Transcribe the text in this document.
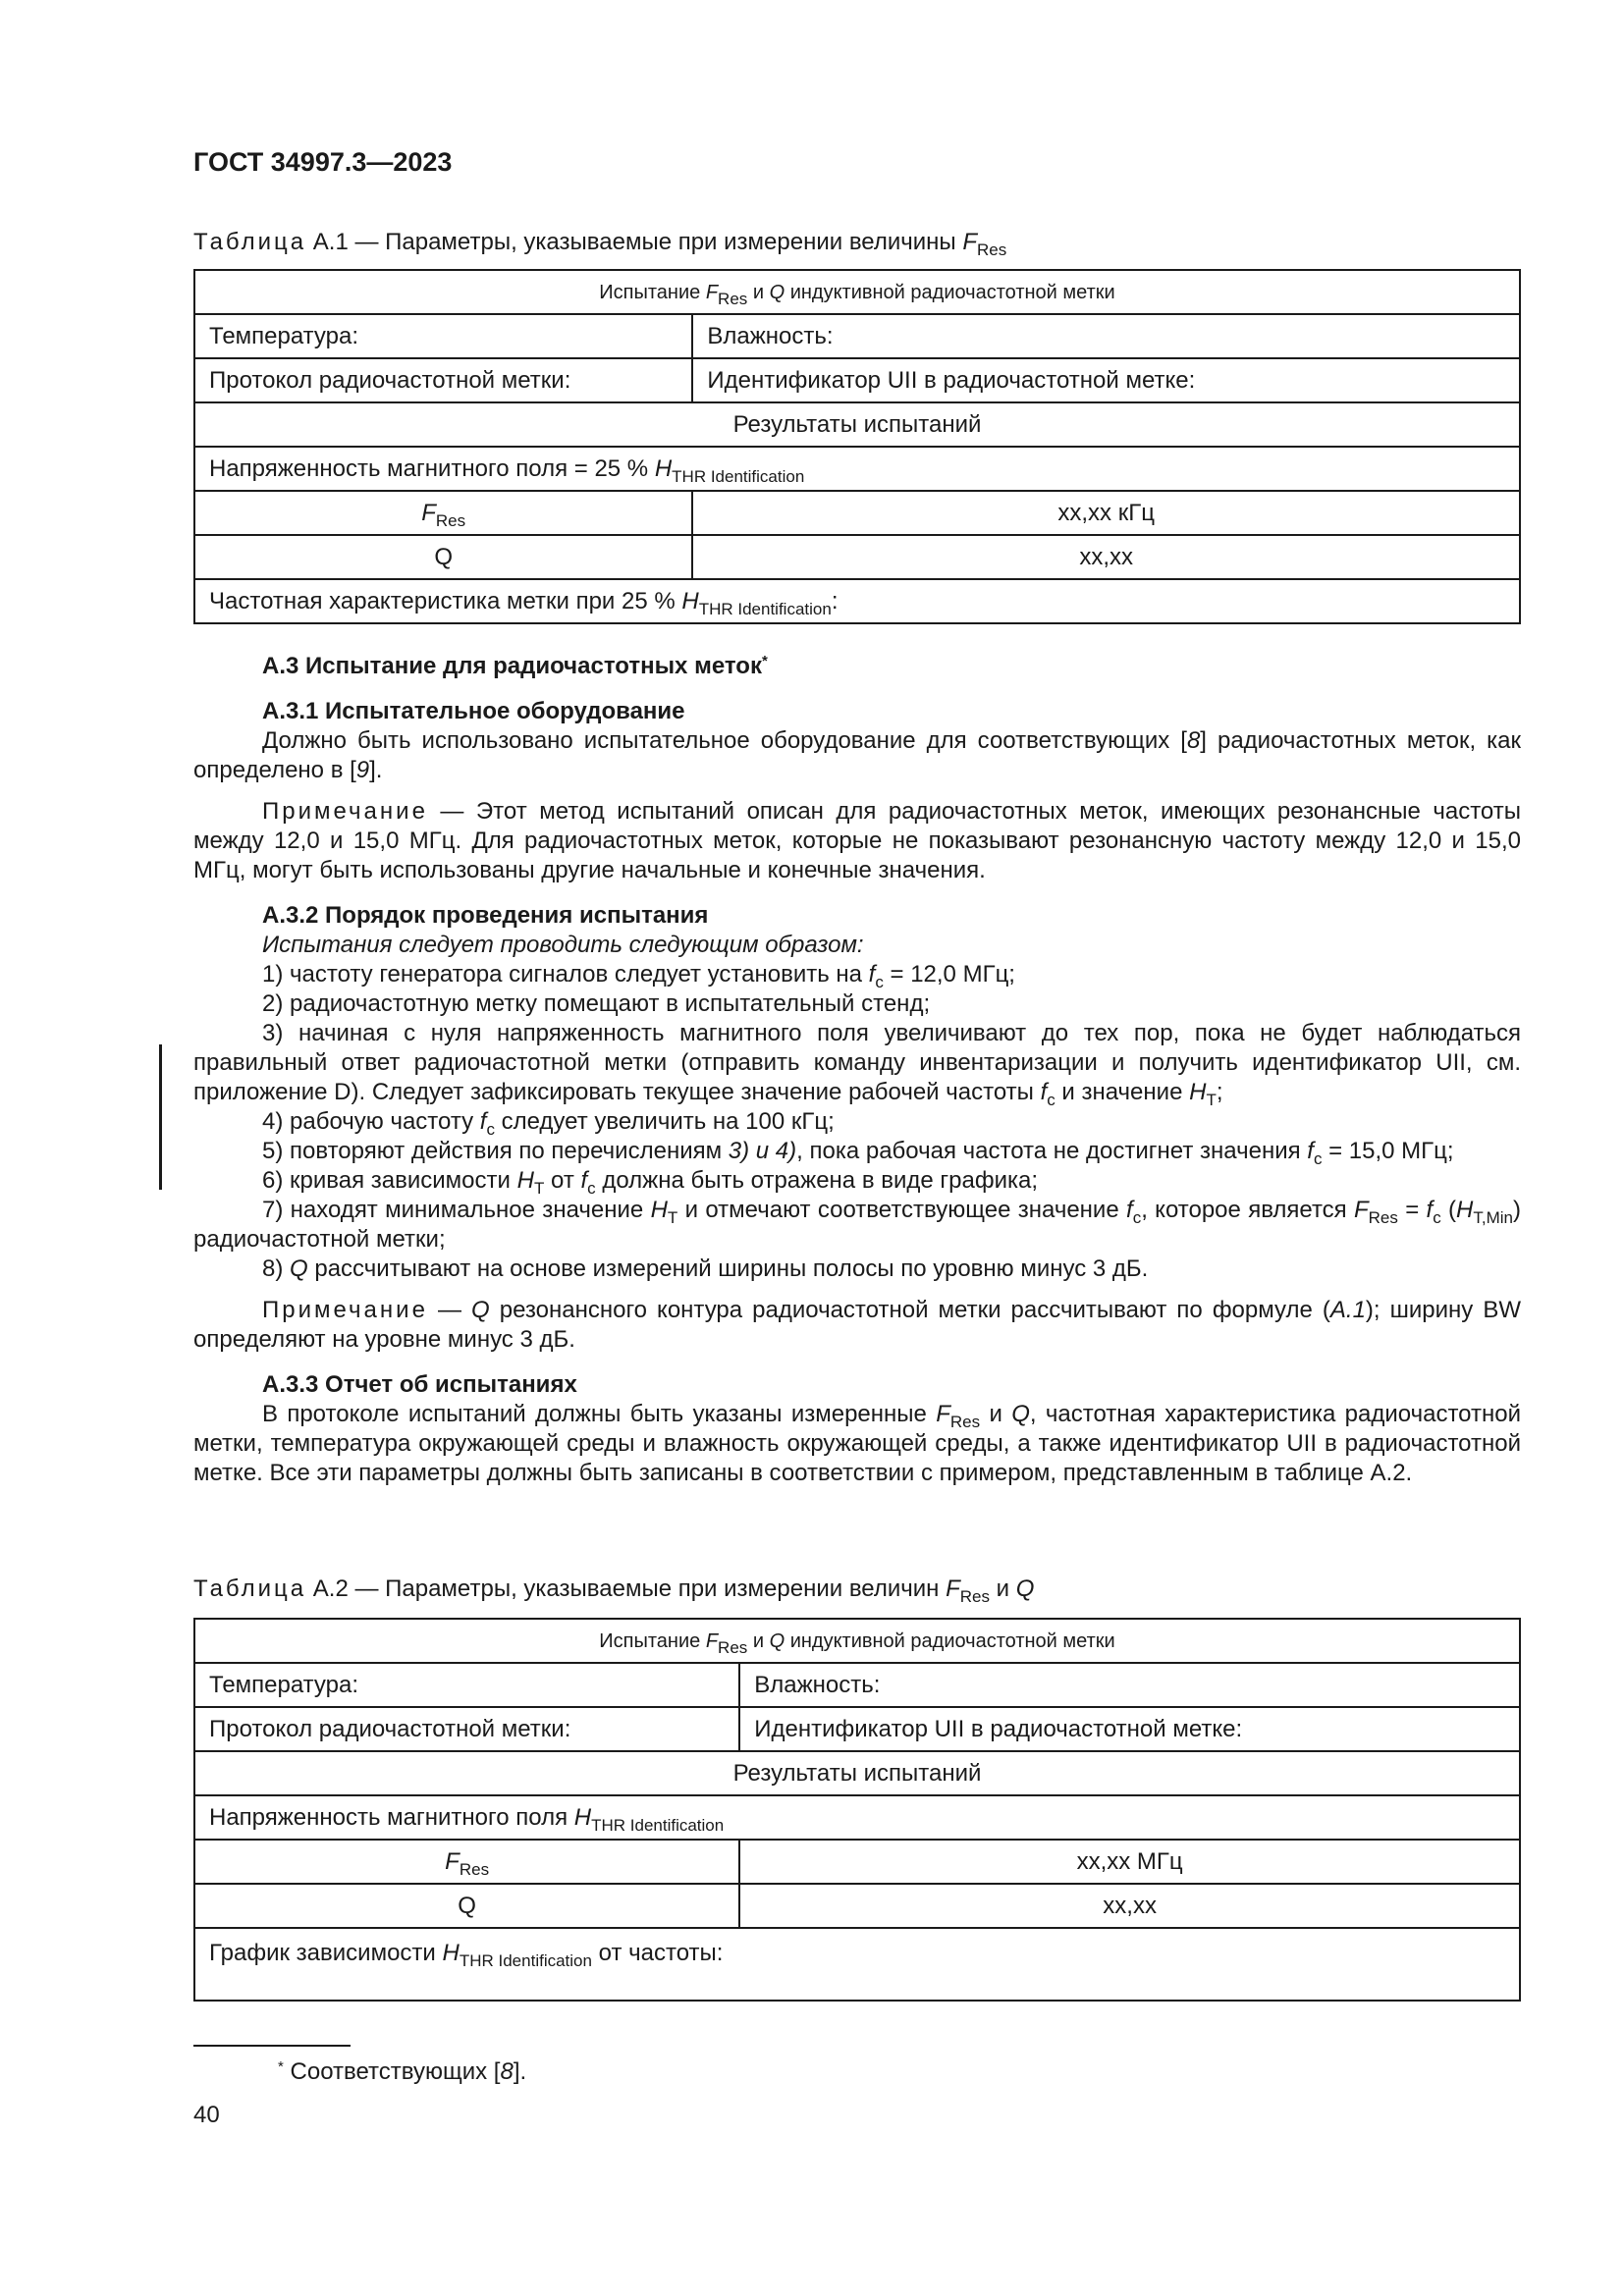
ГОСТ 34997.3—2023
Таблица А.1 — Параметры, указываемые при измерении величины $F_{Res}$
Испытание $F_{Res}$ и Q индуктивной радиочастотной метки	
Температура:	Влажность:
Протокол радиочастотной метки:	Идентификатор UII в радиочастотной метке:
Результаты испытаний	
Напряженность магнитного поля = 25 % $H_{THR Identification}$
$F_{Res}$	xx,xx кГц
Q	xx,xx
Частотная характеристика метки при 25 % $H_{THR Identification}$:	

А.3 Испытание для радиочастотных меток*

А.3.1 Испытательное оборудование

Должно быть использовано испытательное оборудование для соответствующих [8] радиочастотных меток, как определено в [9].

Примечание — Этот метод испытаний описан для радиочастотных меток, имеющих резонансные частоты между 12,0 и 15,0 МГц. Для радиочастотных меток, которые не показывают резонансную частоту между 12,0 и 15,0 МГц, могут быть использованы другие начальные и конечные значения.

А.3.2 Порядок проведения испытания

Испытания следует проводить следующим образом:

1) частоту генератора сигналов следует установить на $f_c = 12,0$ МГц;

2) радиочастотную метку помещают в испытательный стенд;

3) начиная с нуля напряженность магнитного поля увеличивают до тех пор, пока не будет наблюдаться правильный ответ радиочастотной метки (отправить команду инвентаризации и получить идентификатор UII, см. приложение D). Следует зафиксировать текущее значение рабочей частоты $f_c$ и значение $H_T$;

4) рабочую частоту $f_c$ следует увеличить на 100 кГц;

5) повторяют действия по перечислениям 3) и 4), пока рабочая частота не достигнет значения $f_c = 15,0$ МГц;

6) кривая зависимости $H_T$ от $f_c$ должна быть отражена в виде графика;

7) находят минимальное значение $H_T$ и отмечают соответствующее значение $f_c$, которое является $F_{Res} = f_c$ $(H_{T,Min})$ радиочастотной метки;

8) Q рассчитывают на основе измерений ширины полосы по уровню минус 3 дБ.

Примечание — Q резонансного контура радиочастотной метки рассчитывают по формуле (А.1); ширину BW определяют на уровне минус 3 дБ.

А.3.3 Отчет об испытаниях

В протоколе испытаний должны быть указаны измеренные $F_{Res}$ и Q, частотная характеристика радиочастотной метки, температура окружающей среды и влажность окружающей среды, а также идентификатор UII в радиочастотной метке. Все эти параметры должны быть записаны в соответствии с примером, представленным в таблице А.2.

Таблица А.2 — Параметры, указываемые при измерении величин $F_{Res}$ и Q
Испытание $F_{Res}$ и Q индуктивной радиочастотной метки	
Температура:	Влажность:
Протокол радиочастотной метки:	Идентификатор UII в радиочастотной метке:
Результаты испытаний	
Напряженность магнитного поля $H_{THR Identification}$
$F_{Res}$	xx,xx МГц
Q	xx,xx
График зависимости $H_{THR Identification}$ от частоты:	
* Соответствующих [8].
40
